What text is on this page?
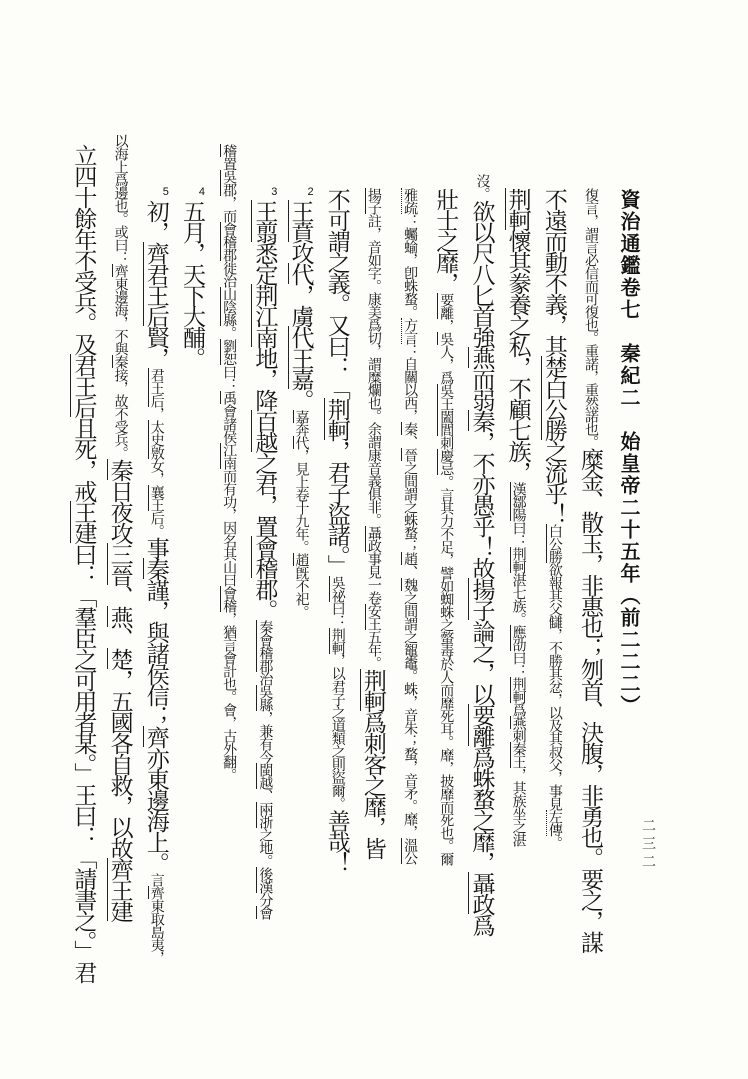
資治通鑑卷七　秦紀二　始皇帝二十五年（前二二二）
二三二
復言，謂言必信而可復也。重諾，重然諾也。糜金、散玉，非惠也；刎首、決腹，非勇也。要之，謀
不遠而動不義，其楚白公勝之流乎！白公勝欲報其父讎，不勝其忿，以及其叔父，事見左傳。
荆軻懷其豢養之私，不顧七族，漢鄒陽曰：荆軻湛七族。應劭曰：荆軻爲燕刺秦王，其族坐之湛
沒。欲以尺八匕首強燕而弱秦，不亦愚乎！故揚子論之，以要離爲蛛蝥之靡，聶政爲
壯士之靡，要離，吳人，爲吳王闔閭刺慶忌。言其力不足，譬如蜘蛛之螫毒於人而靡死耳。靡，披靡而死也。爾
雅疏：蠾蝓，卽蛛蝥。方言：自關以西，秦、晉之間謂之蛛蝥；趙、魏之間謂之鼅鼄。蛛，音朱；蝥，音矛。靡，溫公
揚子註，音如字。康美爲切，謂糜爛也。余謂康音義俱非。聶政事見一卷安王五年。荆軻爲刺客之靡，皆
不可謂之義。又曰：「荆軻，君子盜諸。」吳祕曰：荆軻，以君子之道類之則盜爾。善哉！
2王賁攻代，虜代王嘉。嘉奔代，見上卷十九年。趙旣不祀。
3王翦悉定荆江南地，降百越之君，置會稽郡。秦會稽郡治吳縣，兼有今閩越、兩浙之地。後漢分會
稽置吳郡，而會稽郡徙治山陰縣。劉恕曰：禹會諸侯江南而有功，因名其山曰會稽，猶言會計也。會，古外翻。
4五月，天下大酺。
5初，齊君王后賢，君王后，太史敫女，襄王后。事秦謹，與諸侯信；齊亦東邊海上。言齊東取島夷，
以海上爲邊也。或曰：齊東邊海，不與秦接，故不受兵。秦日夜攻三晉、燕、楚，五國各自救，以故齊王建
立四十餘年不受兵。及君王后且死，戒王建曰：「羣臣之可用者某。」王曰：「請書之。」君
